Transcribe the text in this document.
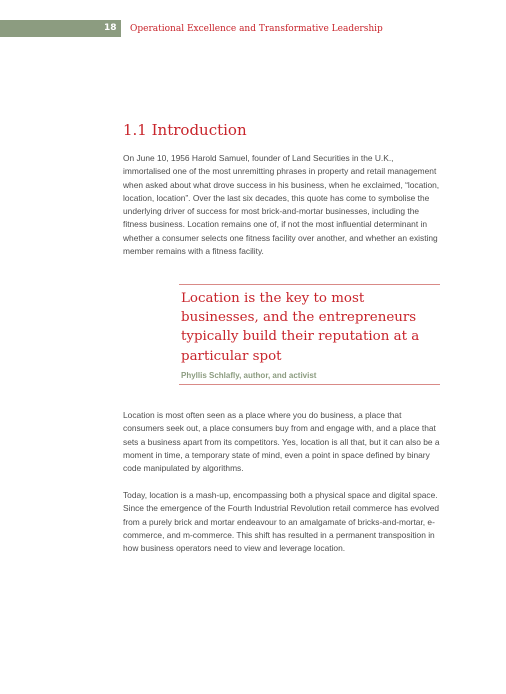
18 Operational Excellence and Transformative Leadership
1.1 Introduction

On June 10, 1956 Harold Samuel, founder of Land Securities in the U.K., immortalised one of the most unremitting phrases in property and retail management when asked about what drove success in his business, when he exclaimed, “location, location, location”. Over the last six decades, this quote has come to symbolise the underlying driver of success for most brick-and-mortar businesses, including the fitness business. Location remains one of, if not the most influential determinant in whether a consumer selects one fitness facility over another, and whether an existing member remains with a fitness facility.

Location is the key to most businesses, and the entrepreneurs typically build their reputation at a particular spot

Phyllis Schlafly, author, and activist

Location is most often seen as a place where you do business, a place that consumers seek out, a place consumers buy from and engage with, and a place that sets a business apart from its competitors. Yes, location is all that, but it can also be a moment in time, a temporary state of mind, even a point in space defined by binary code manipulated by algorithms.

Today, location is a mash-up, encompassing both a physical space and digital space. Since the emergence of the Fourth Industrial Revolution retail commerce has evolved from a purely brick and mortar endeavour to an amalgamate of bricks-and-mortar, e-commerce, and m-commerce. This shift has resulted in a permanent transposition in how business operators need to view and leverage location.
